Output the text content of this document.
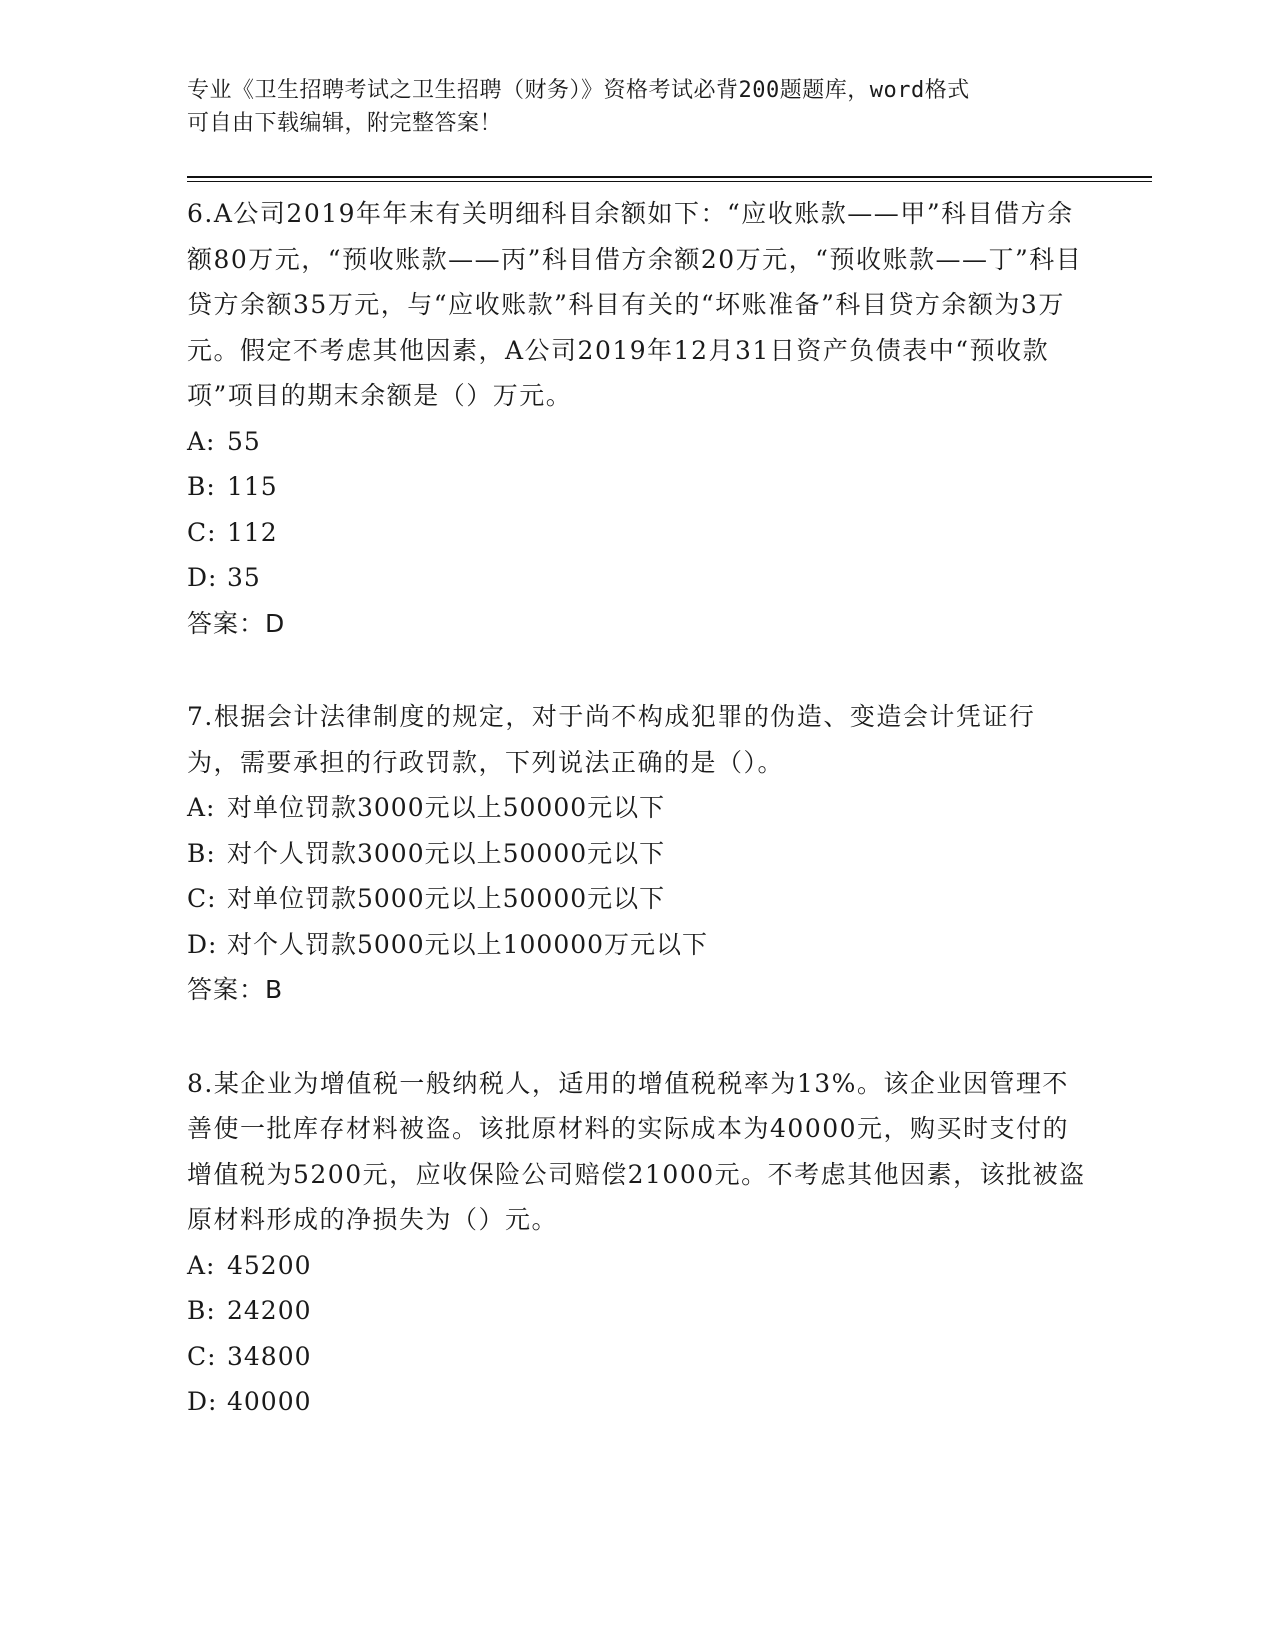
专业《卫生招聘考试之卫生招聘（财务）》资格考试必背200题题库，word格式
可自由下载编辑，附完整答案！

6.A公司2019年年末有关明细科目余额如下：“应收账款——甲”科目借方余额80万元，“预收账款——丙”科目借方余额20万元，“预收账款——丁”科目贷方余额35万元，与“应收账款”科目有关的“坏账准备”科目贷方余额为3万元。假定不考虑其他因素，A公司2019年12月31日资产负债表中“预收款项”项目的期末余额是（）万元。

A: 55

B: 115

C: 112

D: 35

答案：D

7.根据会计法律制度的规定，对于尚不构成犯罪的伪造、变造会计凭证行为，需要承担的行政罚款，下列说法正确的是（）。

A: 对单位罚款3000元以上50000元以下

B: 对个人罚款3000元以上50000元以下

C: 对单位罚款5000元以上50000元以下

D: 对个人罚款5000元以上100000万元以下

答案：B

8.某企业为增值税一般纳税人，适用的增值税税率为13%。该企业因管理不善使一批库存材料被盗。该批原材料的实际成本为40000元，购买时支付的增值税为5200元，应收保险公司赔偿21000元。不考虑其他因素，该批被盗原材料形成的净损失为（）元。

A: 45200

B: 24200

C: 34800

D: 40000
